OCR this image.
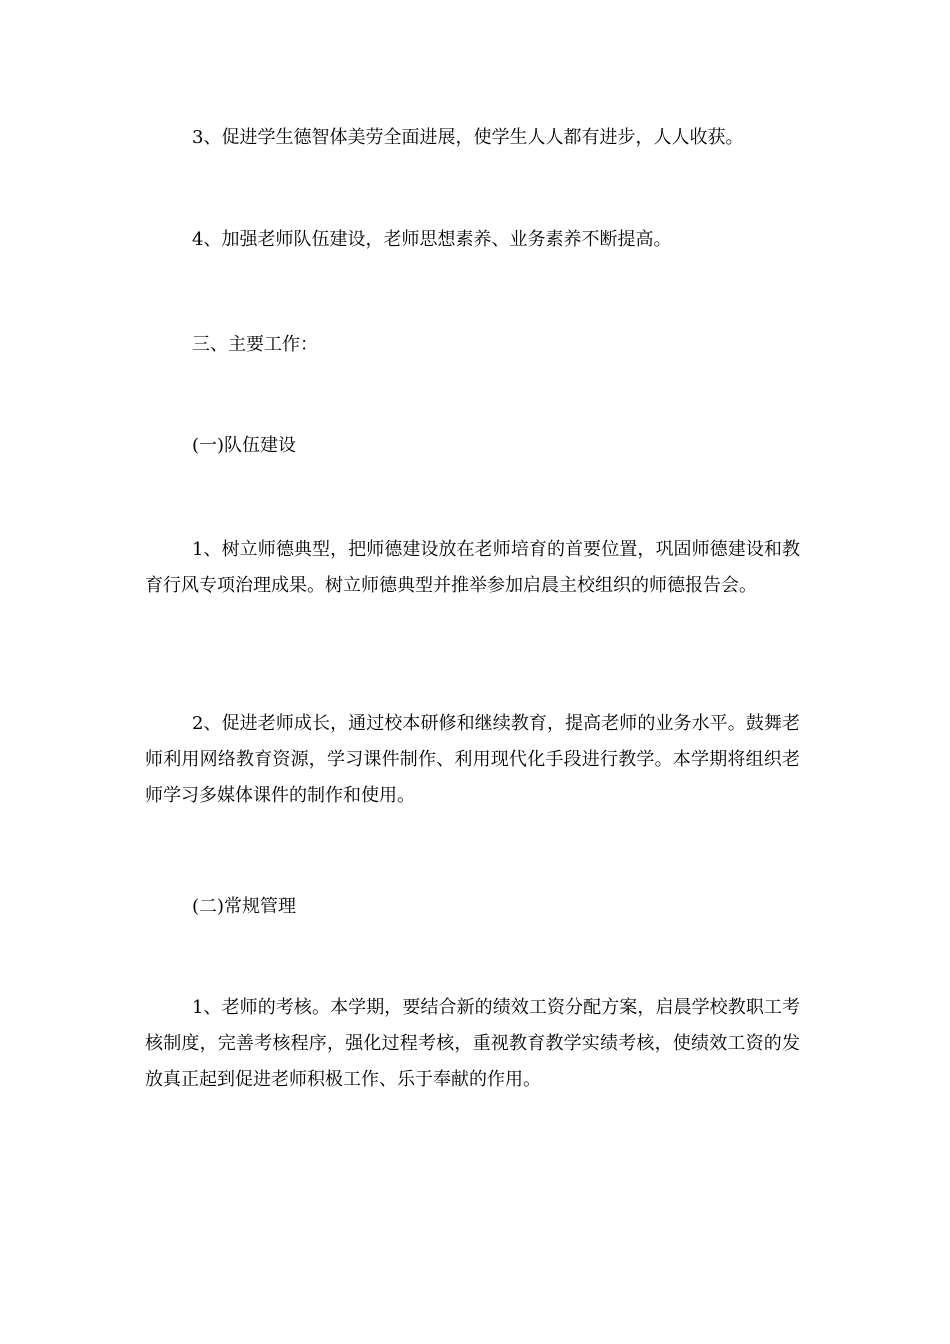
3、促进学生德智体美劳全面进展，使学生人人都有进步，人人收获。

4、加强老师队伍建设，老师思想素养、业务素养不断提高。

三、主要工作：

(一)队伍建设

1、树立师德典型，把师德建设放在老师培育的首要位置，巩固师德建设和教育行风专项治理成果。树立师德典型并推举参加启晨主校组织的师德报告会。

2、促进老师成长，通过校本研修和继续教育，提高老师的业务水平。鼓舞老师利用网络教育资源，学习课件制作、利用现代化手段进行教学。本学期将组织老师学习多媒体课件的制作和使用。

(二)常规管理

1、老师的考核。本学期，要结合新的绩效工资分配方案，启晨学校教职工考核制度，完善考核程序，强化过程考核，重视教育教学实绩考核，使绩效工资的发放真正起到促进老师积极工作、乐于奉献的作用。
